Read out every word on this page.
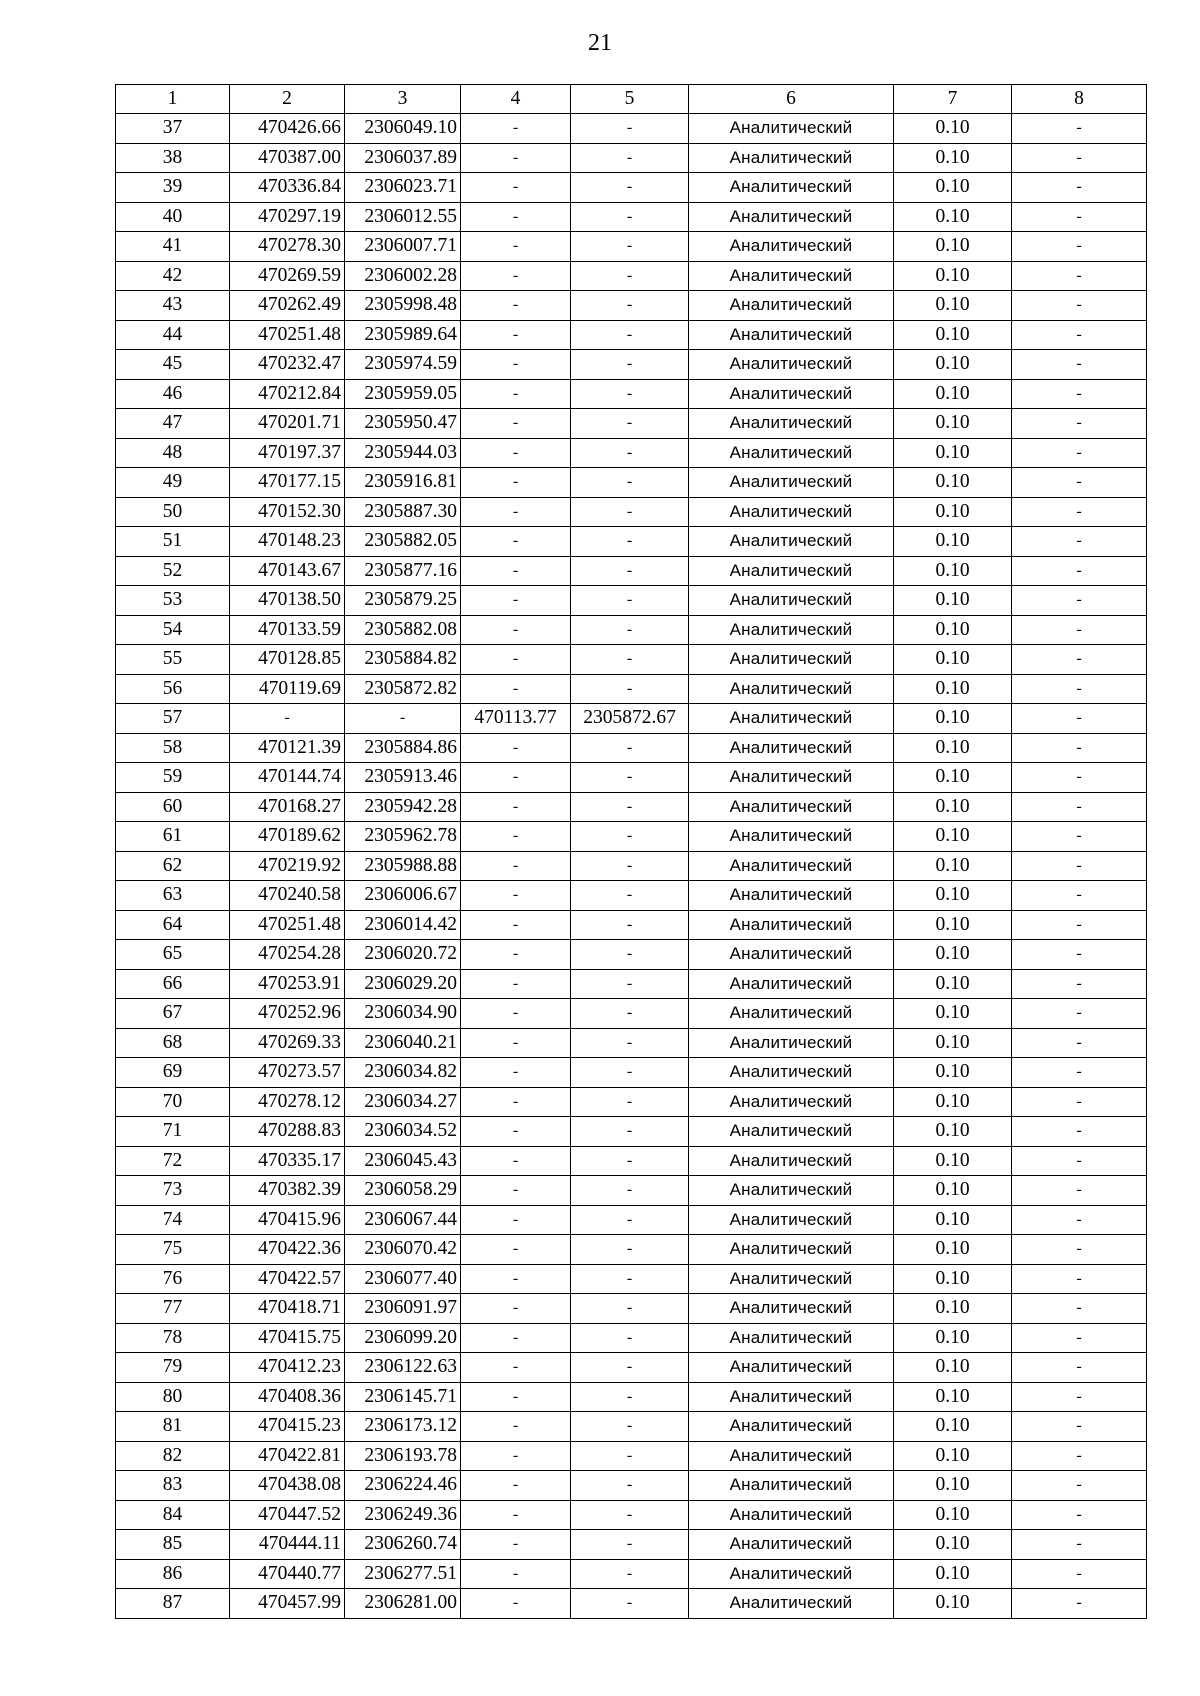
21
1	2	3	4	5	6	7	8
37	470426.66	2306049.10	-	-	Аналитический	0.10	-
38	470387.00	2306037.89	-	-	Аналитический	0.10	-
39	470336.84	2306023.71	-	-	Аналитический	0.10	-
40	470297.19	2306012.55	-	-	Аналитический	0.10	-
41	470278.30	2306007.71	-	-	Аналитический	0.10	-
42	470269.59	2306002.28	-	-	Аналитический	0.10	-
43	470262.49	2305998.48	-	-	Аналитический	0.10	-
44	470251.48	2305989.64	-	-	Аналитический	0.10	-
45	470232.47	2305974.59	-	-	Аналитический	0.10	-
46	470212.84	2305959.05	-	-	Аналитический	0.10	-
47	470201.71	2305950.47	-	-	Аналитический	0.10	-
48	470197.37	2305944.03	-	-	Аналитический	0.10	-
49	470177.15	2305916.81	-	-	Аналитический	0.10	-
50	470152.30	2305887.30	-	-	Аналитический	0.10	-
51	470148.23	2305882.05	-	-	Аналитический	0.10	-
52	470143.67	2305877.16	-	-	Аналитический	0.10	-
53	470138.50	2305879.25	-	-	Аналитический	0.10	-
54	470133.59	2305882.08	-	-	Аналитический	0.10	-
55	470128.85	2305884.82	-	-	Аналитический	0.10	-
56	470119.69	2305872.82	-	-	Аналитический	0.10	-
57	-	-	470113.77	2305872.67	Аналитический	0.10	-
58	470121.39	2305884.86	-	-	Аналитический	0.10	-
59	470144.74	2305913.46	-	-	Аналитический	0.10	-
60	470168.27	2305942.28	-	-	Аналитический	0.10	-
61	470189.62	2305962.78	-	-	Аналитический	0.10	-
62	470219.92	2305988.88	-	-	Аналитический	0.10	-
63	470240.58	2306006.67	-	-	Аналитический	0.10	-
64	470251.48	2306014.42	-	-	Аналитический	0.10	-
65	470254.28	2306020.72	-	-	Аналитический	0.10	-
66	470253.91	2306029.20	-	-	Аналитический	0.10	-
67	470252.96	2306034.90	-	-	Аналитический	0.10	-
68	470269.33	2306040.21	-	-	Аналитический	0.10	-
69	470273.57	2306034.82	-	-	Аналитический	0.10	-
70	470278.12	2306034.27	-	-	Аналитический	0.10	-
71	470288.83	2306034.52	-	-	Аналитический	0.10	-
72	470335.17	2306045.43	-	-	Аналитический	0.10	-
73	470382.39	2306058.29	-	-	Аналитический	0.10	-
74	470415.96	2306067.44	-	-	Аналитический	0.10	-
75	470422.36	2306070.42	-	-	Аналитический	0.10	-
76	470422.57	2306077.40	-	-	Аналитический	0.10	-
77	470418.71	2306091.97	-	-	Аналитический	0.10	-
78	470415.75	2306099.20	-	-	Аналитический	0.10	-
79	470412.23	2306122.63	-	-	Аналитический	0.10	-
80	470408.36	2306145.71	-	-	Аналитический	0.10	-
81	470415.23	2306173.12	-	-	Аналитический	0.10	-
82	470422.81	2306193.78	-	-	Аналитический	0.10	-
83	470438.08	2306224.46	-	-	Аналитический	0.10	-
84	470447.52	2306249.36	-	-	Аналитический	0.10	-
85	470444.11	2306260.74	-	-	Аналитический	0.10	-
86	470440.77	2306277.51	-	-	Аналитический	0.10	-
87	470457.99	2306281.00	-	-	Аналитический	0.10	-
